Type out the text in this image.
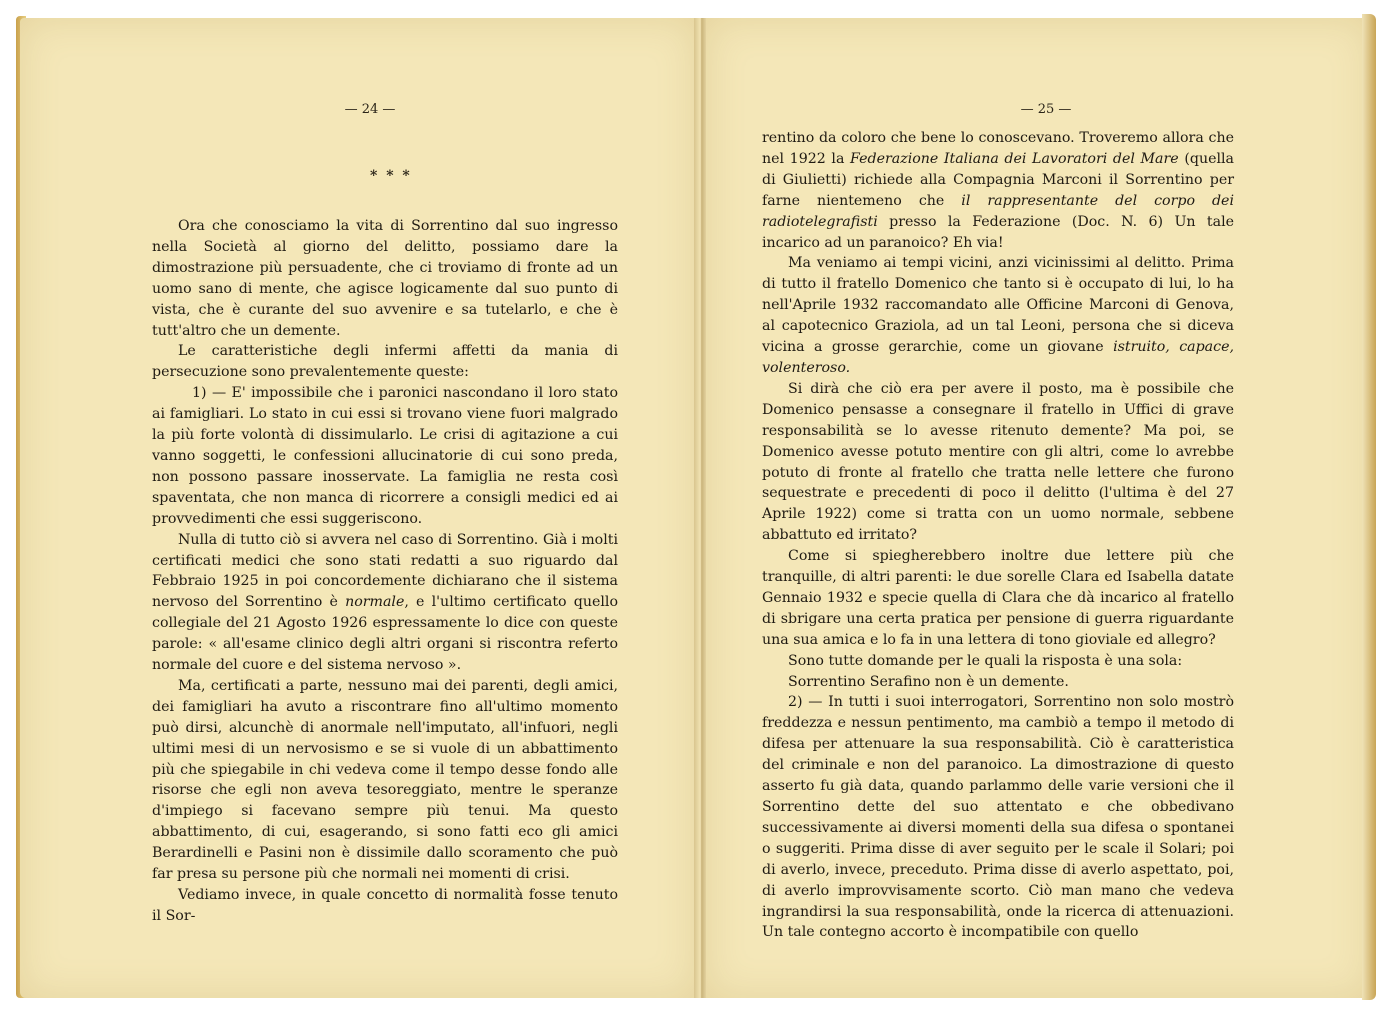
— 24 —
* * *

Ora che conosciamo la vita di Sorrentino dal suo ingresso nella Società al giorno del delitto, possiamo dare la dimostrazione più persuadente, che ci troviamo di fronte ad un uomo sano di mente, che agisce logicamente dal suo punto di vista, che è curante del suo avvenire e sa tutelarlo, e che è tutt'altro che un demente.

Le caratteristiche degli infermi affetti da mania di persecuzione sono prevalentemente queste:

1) — E' impossibile che i paronici nascondano il loro stato ai famigliari. Lo stato in cui essi si trovano viene fuori malgrado la più forte volontà di dissimularlo. Le crisi di agitazione a cui vanno soggetti, le confessioni allucinatorie di cui sono preda, non possono passare inosservate. La famiglia ne resta così spaventata, che non manca di ricorrere a consigli medici ed ai provvedimenti che essi suggeriscono.

Nulla di tutto ciò si avvera nel caso di Sorrentino. Già i molti certificati medici che sono stati redatti a suo riguardo dal Febbraio 1925 in poi concordemente dichiarano che il sistema nervoso del Sorrentino è normale, e l'ultimo certificato quello collegiale del 21 Agosto 1926 espressamente lo dice con queste parole: « all'esame clinico degli altri organi si riscontra referto normale del cuore e del sistema nervoso ».

Ma, certificati a parte, nessuno mai dei parenti, degli amici, dei famigliari ha avuto a riscontrare fino all'ultimo momento può dirsi, alcunchè di anormale nell'imputato, all'infuori, negli ultimi mesi di un nervosismo e se si vuole di un abbattimento più che spiegabile in chi vedeva come il tempo desse fondo alle risorse che egli non aveva tesoreggiato, mentre le speranze d'impiego si facevano sempre più tenui. Ma questo abbattimento, di cui, esagerando, si sono fatti eco gli amici Berardinelli e Pasini non è dissimile dallo scoramento che può far presa su persone più che normali nei momenti di crisi.

Vediamo invece, in quale concetto di normalità fosse tenuto il Sor-

— 25 —

rentino da coloro che bene lo conoscevano. Troveremo allora che nel 1922 la Federazione Italiana dei Lavoratori del Mare (quella di Giulietti) richiede alla Compagnia Marconi il Sorrentino per farne nientemeno che il rappresentante del corpo dei radiotelegrafisti presso la Federazione (Doc. N. 6) Un tale incarico ad un paranoico? Eh via!

Ma veniamo ai tempi vicini, anzi vicinissimi al delitto. Prima di tutto il fratello Domenico che tanto si è occupato di lui, lo ha nell'Aprile 1932 raccomandato alle Officine Marconi di Genova, al capotecnico Graziola, ad un tal Leoni, persona che si diceva vicina a grosse gerarchie, come un giovane istruito, capace, volenteroso.

Si dirà che ciò era per avere il posto, ma è possibile che Domenico pensasse a consegnare il fratello in Uffici di grave responsabilità se lo avesse ritenuto demente? Ma poi, se Domenico avesse potuto mentire con gli altri, come lo avrebbe potuto di fronte al fratello che tratta nelle lettere che furono sequestrate e precedenti di poco il delitto (l'ultima è del 27 Aprile 1922) come si tratta con un uomo normale, sebbene abbattuto ed irritato?

Come si spiegherebbero inoltre due lettere più che tranquille, di altri parenti: le due sorelle Clara ed Isabella datate Gennaio 1932 e specie quella di Clara che dà incarico al fratello di sbrigare una certa pratica per pensione di guerra riguardante una sua amica e lo fa in una lettera di tono gioviale ed allegro?

Sono tutte domande per le quali la risposta è una sola:

Sorrentino Serafino non è un demente.

2) — In tutti i suoi interrogatori, Sorrentino non solo mostrò freddezza e nessun pentimento, ma cambiò a tempo il metodo di difesa per attenuare la sua responsabilità. Ciò è caratteristica del criminale e non del paranoico. La dimostrazione di questo asserto fu già data, quando parlammo delle varie versioni che il Sorrentino dette del suo attentato e che obbedivano successivamente ai diversi momenti della sua difesa o spontanei o suggeriti. Prima disse di aver seguito per le scale il Solari; poi di averlo, invece, preceduto. Prima disse di averlo aspettato, poi, di averlo improvvisamente scorto. Ciò man mano che vedeva ingrandirsi la sua responsabilità, onde la ricerca di attenuazioni. Un tale contegno accorto è incompatibile con quello
